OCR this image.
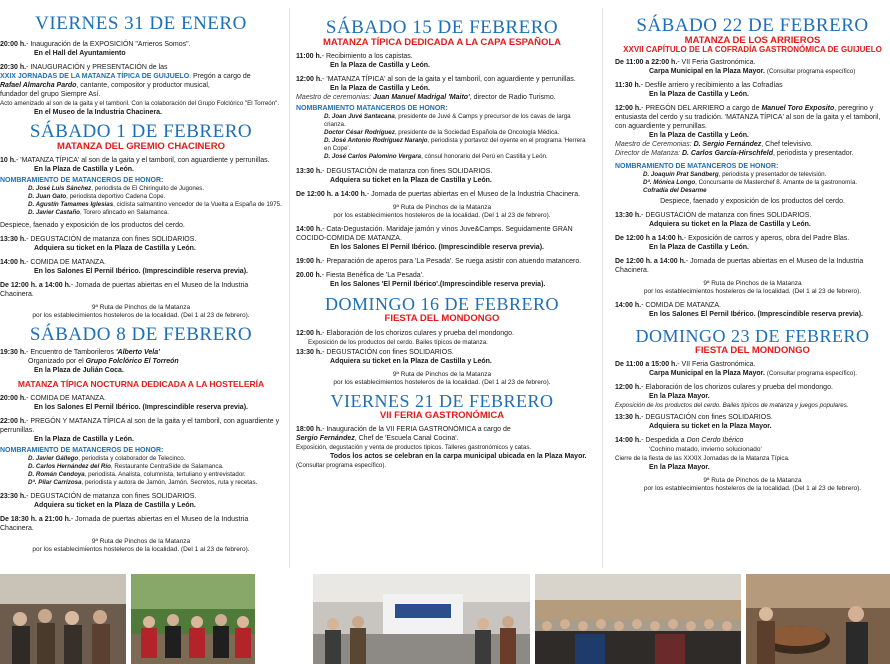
VIERNES 31 DE ENERO
20:00 h.- Inauguración de la EXPOSICIÓN "Arrieros Somos".
En el Hall del Ayuntamiento
20:30 h.- INAUGURACIÓN y PRESENTACIÓN de las
XXIX JORNADAS DE LA MATANZA TÍPICA DE GUIJUELO. Pregón a cargo de
Rafael Almarcha Pardo, cantante, compositor y productor musical,
fundador del grupo Siempre Así.
Acto amenizado al son de la gaita y el tamboril. Con la colaboración del Grupo Folclórico "El Torreón".
En el Museo de la Industria Chacinera.
SÁBADO 1 DE FEBRERO

MATANZA DEL GREMIO CHACINERO

10 h.- 'MATANZA TÍPICA' al son de la gaita y el tamboril, con aguardiente y perrunillas.
En la Plaza de Castilla y León.

NOMBRAMIENTO DE MATANCEROS DE HONOR:

D. José Luis Sánchez, periodista de El Chiringuito de Jugones.

D. Juan Gato, periodista deportivo Cadena Cope.

D. Agustín Tamames Iglesias, ciclista salmantino vencedor de la Vuelta a España de 1975.

D. Javier Castaño, Torero afincado en Salamanca.

Despiece, faenado y exposición de los productos del cerdo.

13:30 h.- DEGUSTACIÓN de matanza con fines SOLIDARIOS.
Adquiera su ticket en la Plaza de Castilla y León.
14:00 h.- COMIDA DE MATANZA.
En los Salones El Pernil Ibérico. (Imprescindible reserva previa).
De 12:00 h. a 14:00 h.- Jornada de puertas abiertas en el Museo de la Industria Chacinera.

9ª Ruta de Pinchos de la Matanza

por los establecimientos hosteleros de la localidad. (Del 1 al 23 de febrero).

SÁBADO 8 DE FEBRERO
19:30 h.- Encuentro de Tamborileros 'Alberto Vela'
Organizado por el Grupo Folclórico El Torreón
En la Plaza de Julián Coca.

MATANZA TÍPICA NOCTURNA DEDICADA A LA HOSTELERÍA

20:00 h.- COMIDA DE MATANZA.
En los Salones El Pernil Ibérico. (Imprescindible reserva previa).
22:00 h.- PREGÓN Y MATANZA TÍPICA al son de la gaita y el tamboril, con aguardiente y perrunillas.
En la Plaza de Castilla y León.

NOMBRAMIENTO DE MATANCEROS DE HONOR:

D. Javier Gállego, periodista y colaborador de Telecinco.

D. Carlos Hernández del Río, Restaurante CentraSide de Salamanca.

D. Román Cendoya, periodista. Analista, columnista, tertuliano y entrevistador.

Dª. Pilar Carrizosa, periodista y autora de Jamón, Jamón. Secretos, ruta y recetas.

23:30 h.- DEGUSTACIÓN de matanza con fines SOLIDARIOS.
Adquiera su ticket en la Plaza de Castilla y León.
De 18:30 h. a 21:00 h.- Jornada de puertas abiertas en el Museo de la Industria Chacinera.

9ª Ruta de Pinchos de la Matanza

por los establecimientos hosteleros de la localidad. (Del 1 al 23 de febrero).

SÁBADO 15 DE FEBRERO

MATANZA TÍPICA DEDICADA A LA CAPA ESPAÑOLA

11:00 h.- Recibimiento a los capistas.
En la Plaza de Castilla y León.
12:00 h.- 'MATANZA TÍPICA' al son de la gaita y el tamboril, con aguardiente y perrunillas.
En la Plaza de Castilla y León.
Maestro de ceremonias: Juan Manuel Madrigal 'Maito', director de Radio Turismo.

NOMBRAMIENTO MATANCEROS DE HONOR:

D. Joan Juvé Santacana, presidente de Juvé & Camps y precursor de los cavas de larga crianza.

Doctor César Rodríguez, presidente de la Sociedad Española de Oncología Médica.

D. José Antonio Rodríguez Naranjo, periodista y portavoz del oyente en el programa 'Herrera en Cope'.

D. José Carlos Palomino Vergara, cónsul honorario del Perú en Castilla y León.

13:30 h.- DEGUSTACIÓN de matanza con fines SOLIDARIOS.
Adquiera su ticket en la Plaza de Castilla y León.
De 12:00 h. a 14:00 h.- Jornada de puertas abiertas en el Museo de la Industria Chacinera.

9ª Ruta de Pinchos de la Matanza

por los establecimientos hosteleros de la localidad. (Del 1 al 23 de febrero).

14:00 h.- Cata-Degustación. Maridaje jamón y vinos Juve&Camps. Seguidamente GRAN COCIDO-COMIDA DE MATANZA.
En los Salones El Pernil Ibérico. (Imprescindible reserva previa).
19:00 h.- Preparación de aperos para 'La Pesada'. Se ruega asistir con atuendo matancero.
20.00 h.- Fiesta Benéfica de 'La Pesada'.
En los Salones 'El Pernil Ibérico'.(Imprescindible reserva previa).
DOMINGO 16 DE FEBRERO

FIESTA DEL MONDONGO

12:00 h.- Elaboración de los chorizos culares y prueba del mondongo.
Exposición de los productos del cerdo. Bailes típicos de matanza.
13:30 h.- DEGUSTACIÓN con fines SOLIDARIOS.
Adquiera su ticket en la Plaza de Castilla y León.

9ª Ruta de Pinchos de la Matanza

por los establecimientos hosteleros de la localidad. (Del 1 al 23 de febrero).

VIERNES 21 DE FEBRERO

VII FERIA GASTRONÓMICA

18:00 h.- Inauguración de la VII FERIA GASTRONÓMICA a cargo de
Sergio Fernández, Chef de 'Escuela Canal Cocina'.
Exposición, degustación y venta de productos típicos. Talleres gastronómicos y catas.
Todos los actos se celebran en la carpa municipal ubicada en la Plaza Mayor. (Consultar programa específico).
SÁBADO 22 DE FEBRERO

MATANZA DE LOS ARRIEROS

XXVII CAPÍTULO DE LA COFRADÍA GASTRONÓMICA DE GUIJUELO

De 11:00 a 22:00 h.- VII Feria Gastronómica.
Carpa Municipal en la Plaza Mayor. (Consultar programa específico)
11:30 h.- Desfile arriero y recibimiento a las Cofradías
En la Plaza de Castilla y León.
12:00 h.- PREGÓN DEL ARRIERO a cargo de Manuel Toro Exposito, peregrino y entusiasta del cerdo y su tradición. 'MATANZA TÍPICA' al son de la gaita y el tamboril, con aguardiente y perrunillas.
En la Plaza de Castilla y León.
Maestro de Ceremonias: D. Sergio Fernández, Chef televisivo.
Director de Matanza: D. Carlos García-Hirschfeld, periodista y presentador.

NOMBRAMIENTO DE MATANCEROS DE HONOR:

D. Joaquín Prat Sandberg, periodista y presentador de televisión.

Dª. Mónica Longo, Concursante de Masterchef 8. Amante de la gastronomía.

Cofradía del Desarme

Despiece, faenado y exposición de los productos del cerdo.

13:30 h.- DEGUSTACIÓN de matanza con fines SOLIDARIOS.
Adquiera su ticket en la Plaza de Castilla y León.
De 12:00 h a 14:00 h.- Exposición de carros y aperos, obra del Padre Blas.
En la Plaza de Castilla y León.
De 12:00 h. a 14:00 h.- Jornada de puertas abiertas en el Museo de la Industria Chacinera.

9ª Ruta de Pinchos de la Matanza

por los establecimientos hosteleros de la localidad. (Del 1 al 23 de febrero).

14:00 h.- COMIDA DE MATANZA.
En los Salones El Pernil Ibérico. (Imprescindible reserva previa).
DOMINGO 23 DE FEBRERO

FIESTA DEL MONDONGO

De 11:00 a 15:00 h.- VII Feria Gastronómica.
Carpa Municipal en la Plaza Mayor. (Consultar programa específico).
12:00 h.- Elaboración de los chorizos culares y prueba del mondongo.
En la Plaza Mayor.
Exposición de los productos del cerdo. Bailes típicos de matanza y juegos populares.
13:30 h.- DEGUSTACIÓN con fines SOLIDARIOS.
Adquiera su ticket en la Plaza Mayor.
14:00 h.- Despedida a Don Cerdo Ibérico
'Cochino matado, invierno solucionado'
Cierre de la fiesta de las XXXIX Jornadas de la Matanza Típica.
En la Plaza Mayor.

9ª Ruta de Pinchos de la Matanza

por los establecimientos hosteleros de la localidad. (Del 1 al 23 de febrero).
